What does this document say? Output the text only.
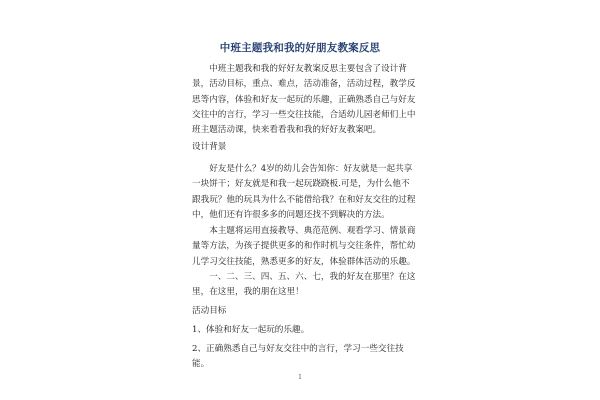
中班主题我和我的好朋友教案反思

中班主题我和我的好好友教案反思主要包含了设计背景，活动目标，重点、难点，活动准备，活动过程，教学反思等内容，体验和好友一起玩的乐趣，正确熟悉自己与好友交往中的言行，学习一些交往技能，合适幼儿园老师们上中班主题活动课，快来看看我和我的好好友教案吧。

设计背景

好友是什么？4岁的幼儿会告知你：好友就是一起共享一块饼干；好友就是和我一起玩跷跷板.可是，为什么他不跟我玩？他的玩具为什么不能借给我？在和好友交往的过程中，他们还有许很多多的问题还找不到解决的方法。

本主题将运用直接教导、典范范例、观看学习、情景商量等方法，为孩子提供更多的和作时机与交往条件，帮忙幼儿学习交往技能，熟悉更多的好友，体验群体活动的乐趣。

一、二、三、四、五、六、七，我的好友在那里？在这里，在这里，我的朋在这里！

活动目标

1、体验和好友一起玩的乐趣。

2、正确熟悉自己与好友交往中的言行，学习一些交往技能。

1
